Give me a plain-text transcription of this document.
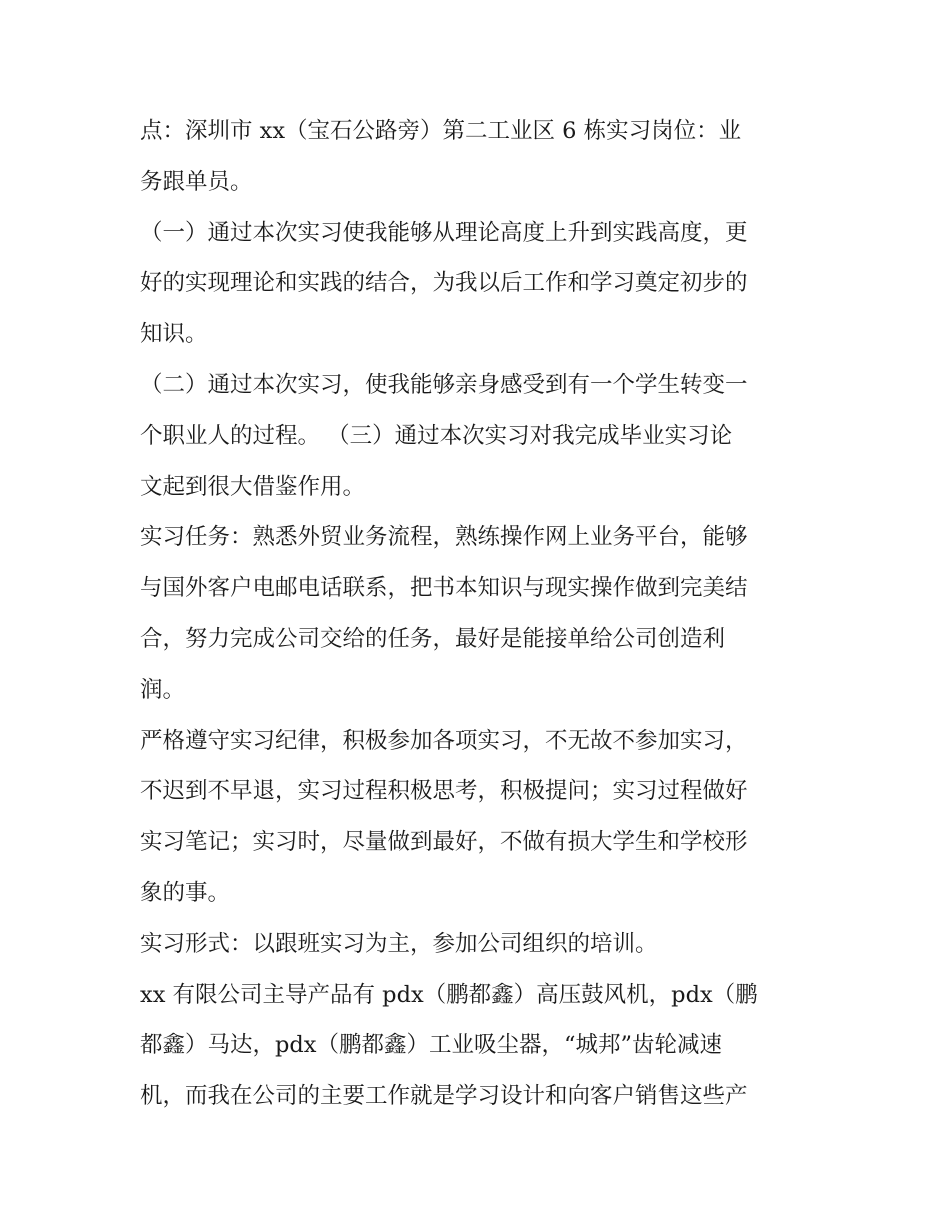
点：深圳市 xx（宝石公路旁）第二工业区 6 栋实习岗位：业
务跟单员。
（一）通过本次实习使我能够从理论高度上升到实践高度，更
好的实现理论和实践的结合，为我以后工作和学习奠定初步的
知识。
（二）通过本次实习，使我能够亲身感受到有一个学生转变一
个职业人的过程。 （三）通过本次实习对我完成毕业实习论
文起到很大借鉴作用。
实习任务：熟悉外贸业务流程，熟练操作网上业务平台，能够
与国外客户电邮电话联系，把书本知识与现实操作做到完美结
合，努力完成公司交给的任务，最好是能接单给公司创造利
润。
严格遵守实习纪律，积极参加各项实习，不无故不参加实习，
不迟到不早退，实习过程积极思考，积极提问；实习过程做好
实习笔记；实习时，尽量做到最好，不做有损大学生和学校形
象的事。
实习形式：以跟班实习为主，参加公司组织的培训。
xx 有限公司主导产品有 pdx（鹏都鑫）高压鼓风机，pdx（鹏
都鑫）马达，pdx（鹏都鑫）工业吸尘器，“城邦”齿轮减速
机，而我在公司的主要工作就是学习设计和向客户销售这些产
